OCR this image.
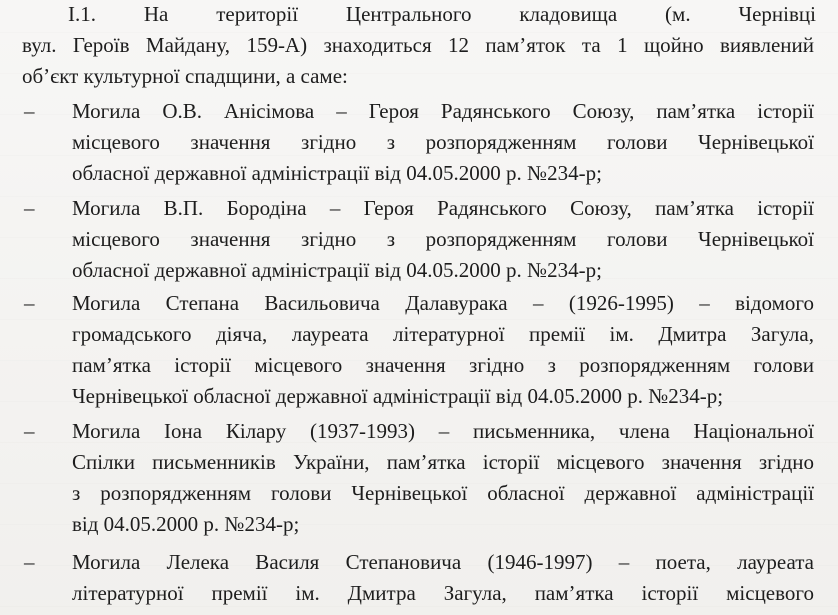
I.1. На території Центрального кладовища (м. Чернівці
вул. Героїв Майдану, 159-А) знаходиться 12 пам’яток та 1 щойно виявлений
об’єкт культурної спадщини, а саме:
–	Могила О.В. Анісімова – Героя Радянського Союзу, пам’ятка історії
місцевого значення згідно з розпорядженням голови Чернівецької
обласної державної адміністрації від 04.05.2000 р. №234-р;
–	Могила В.П. Бородіна – Героя Радянського Союзу, пам’ятка історії
місцевого значення згідно з розпорядженням голови Чернівецької
обласної державної адміністрації від 04.05.2000 р. №234-р;
–	Могила Степана Васильовича Далавурака – (1926-1995) – відомого
громадського діяча, лауреата літературної премії ім. Дмитра Загула,
пам’ятка історії місцевого значення згідно з розпорядженням голови
Чернівецької обласної державної адміністрації від 04.05.2000 р. №234-р;
–	Могила Іона Кілару (1937-1993) – письменника, члена Національної
Спілки письменників України, пам’ятка історії місцевого значення згідно
з розпорядженням голови Чернівецької обласної державної адміністрації
від 04.05.2000 р. №234-р;
–	Могила Лелека Василя Степановича (1946-1997) – поета, лауреата
літературної премії ім. Дмитра Загула, пам’ятка історії місцевого
